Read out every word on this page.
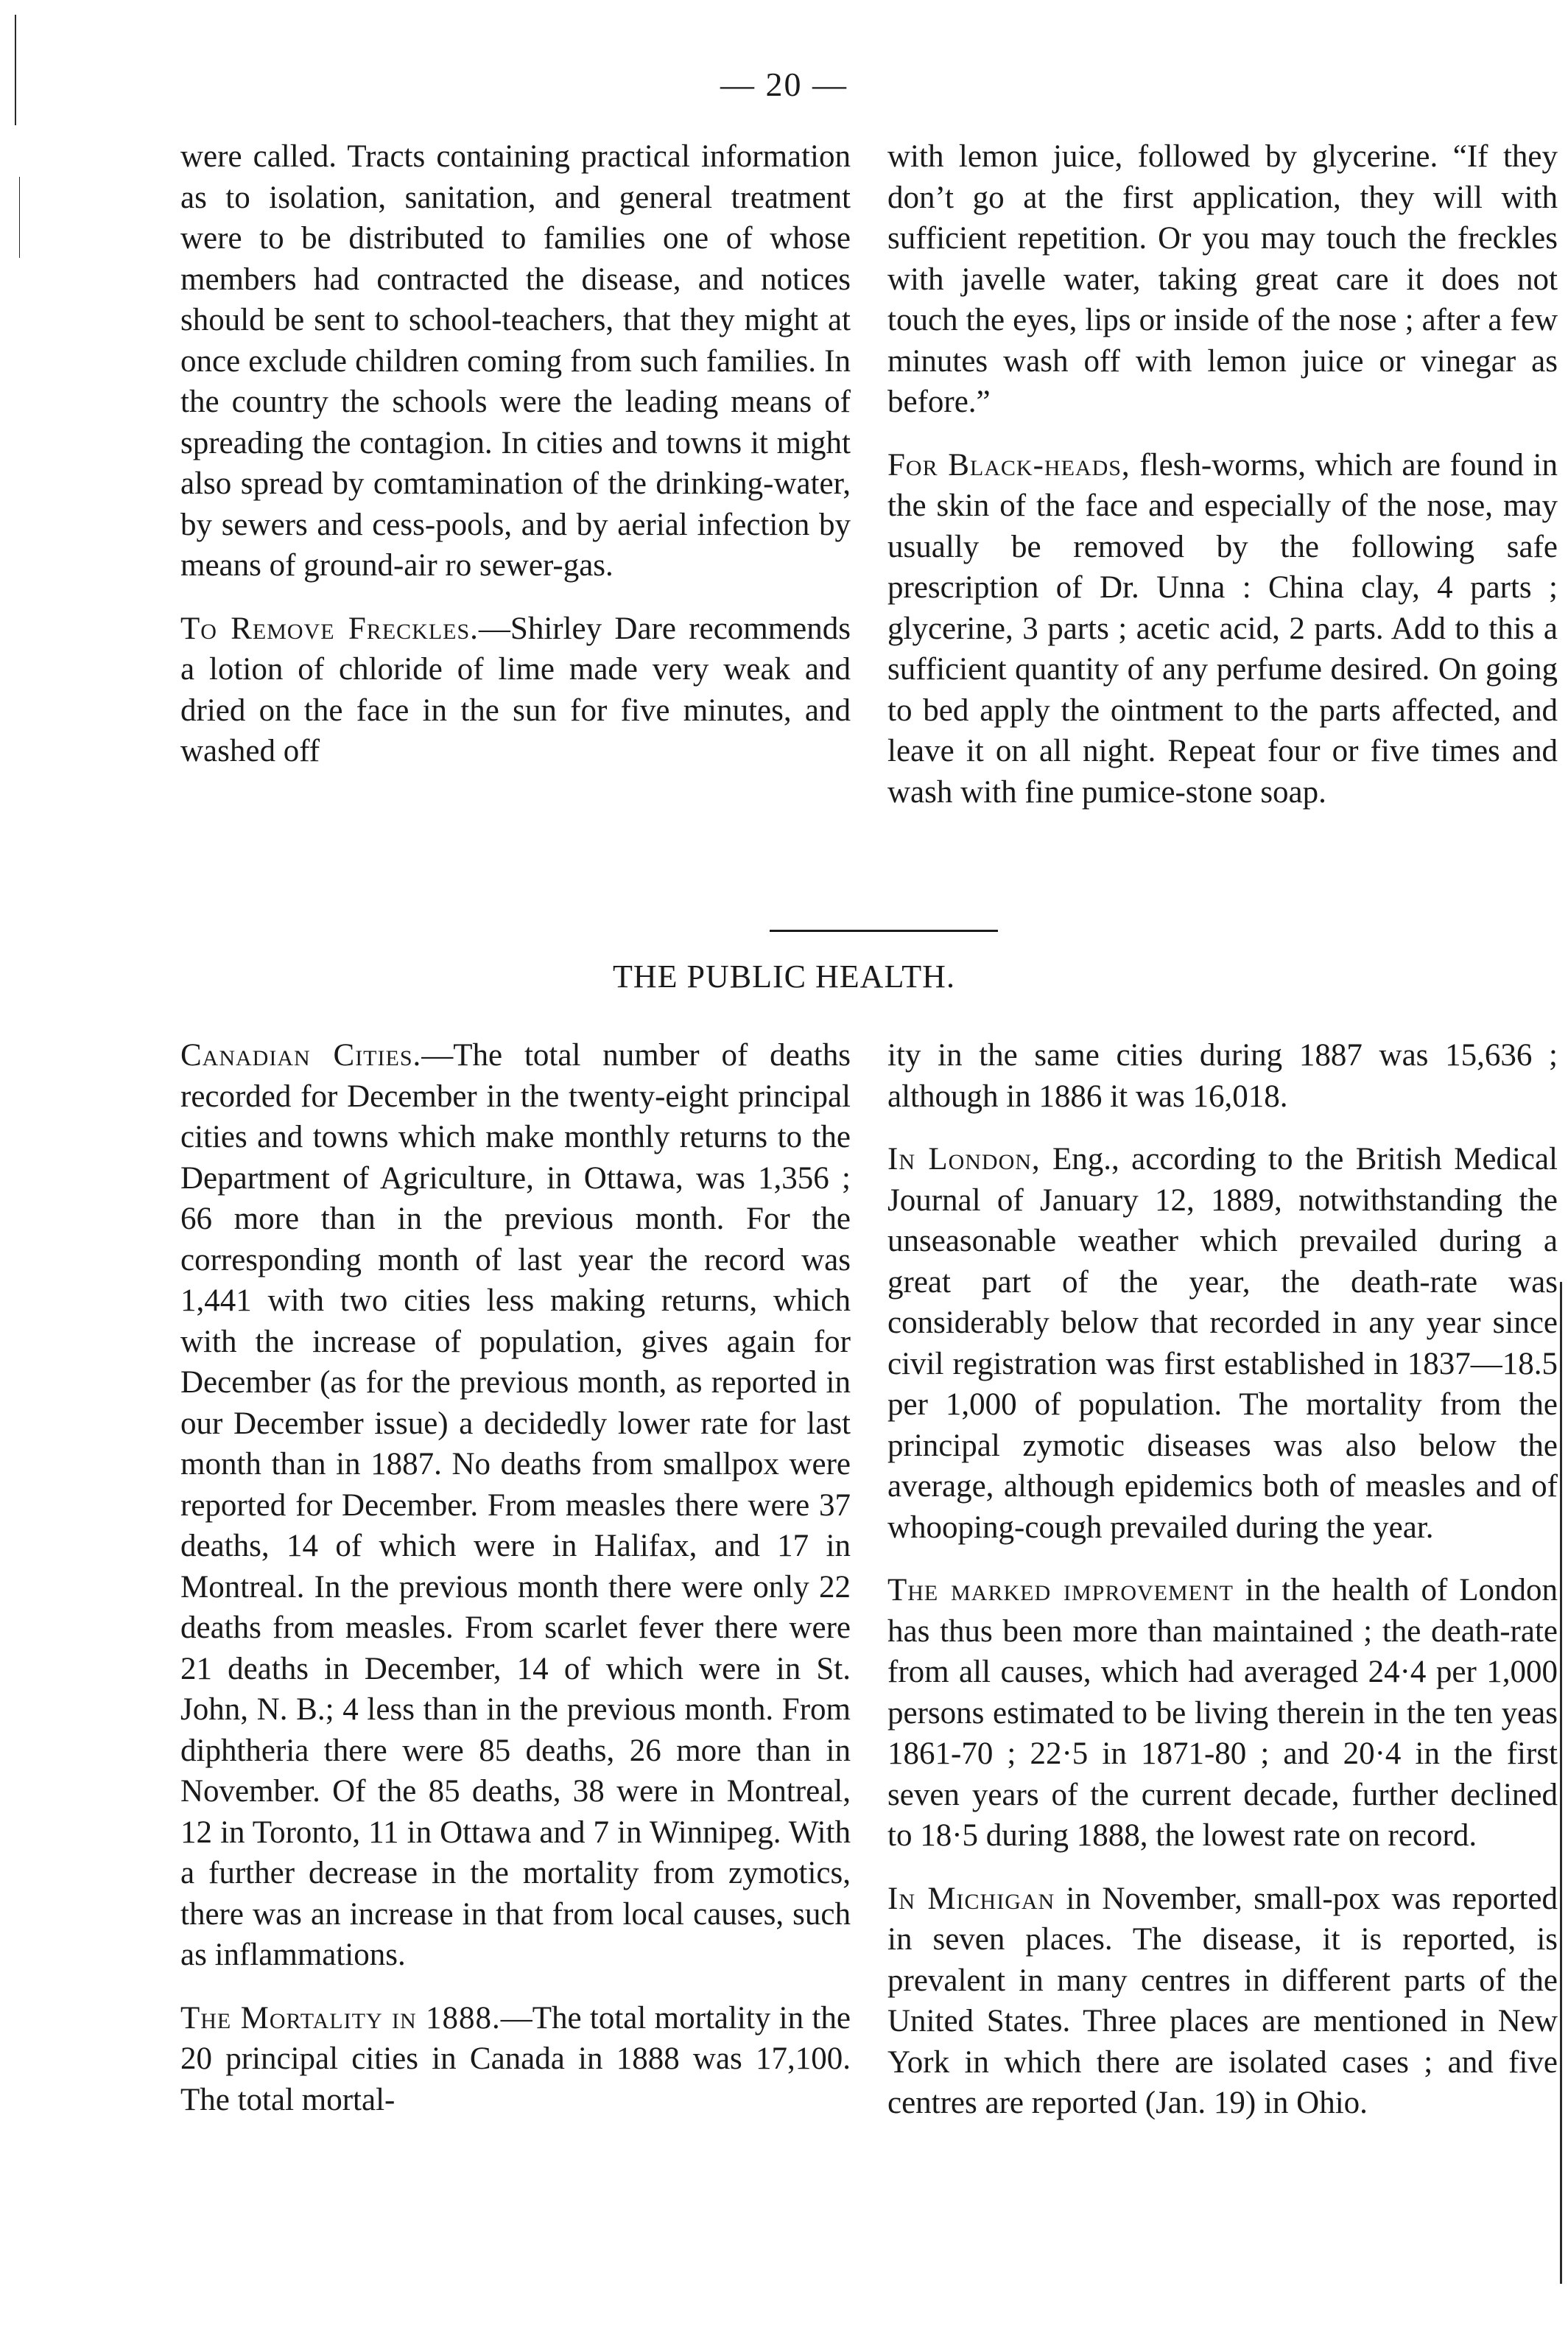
— 20 —

were called. Tracts containing practical information as to isolation, sanitation, and general treatment were to be distributed to families one of whose members had contracted the disease, and notices should be sent to school-teachers, that they might at once exclude children coming from such families. In the country the schools were the leading means of spreading the contagion. In cities and towns it might also spread by comtamination of the drinking-water, by sewers and cess-pools, and by aerial infection by means of ground-air ro sewer-gas.

To Remove Freckles.—Shirley Dare recommends a lotion of chloride of lime made very weak and dried on the face in the sun for five minutes, and washed off

with lemon juice, followed by glycerine. “If they don’t go at the first application, they will with sufficient repetition. Or you may touch the freckles with javelle water, taking great care it does not touch the eyes, lips or inside of the nose ; after a few minutes wash off with lemon juice or vinegar as before.”

For Black-heads, flesh-worms, which are found in the skin of the face and especially of the nose, may usually be removed by the following safe prescription of Dr. Unna : China clay, 4 parts ; glycerine, 3 parts ; acetic acid, 2 parts. Add to this a sufficient quantity of any perfume desired. On going to bed apply the ointment to the parts affected, and leave it on all night. Repeat four or five times and wash with fine pumice-stone soap.

THE PUBLIC HEALTH.

Canadian Cities.—The total number of deaths recorded for December in the twenty-eight principal cities and towns which make monthly returns to the Department of Agriculture, in Ottawa, was 1,356 ; 66 more than in the previous month. For the corresponding month of last year the record was 1,441 with two cities less making returns, which with the increase of population, gives again for December (as for the previous month, as reported in our December issue) a decidedly lower rate for last month than in 1887. No deaths from smallpox were reported for December. From measles there were 37 deaths, 14 of which were in Halifax, and 17 in Montreal. In the previous month there were only 22 deaths from measles. From scarlet fever there were 21 deaths in December, 14 of which were in St. John, N. B.; 4 less than in the previous month. From diphtheria there were 85 deaths, 26 more than in November. Of the 85 deaths, 38 were in Montreal, 12 in Toronto, 11 in Ottawa and 7 in Winnipeg. With a further decrease in the mortality from zymotics, there was an increase in that from local causes, such as inflammations.

The Mortality in 1888.—The total mortality in the 20 principal cities in Canada in 1888 was 17,100. The total mortal-

ity in the same cities during 1887 was 15,636 ; although in 1886 it was 16,018.

In London, Eng., according to the British Medical Journal of January 12, 1889, notwithstanding the unseasonable weather which prevailed during a great part of the year, the death-rate was considerably below that recorded in any year since civil registration was first established in 1837—18.5 per 1,000 of population. The mortality from the principal zymotic diseases was also below the average, although epidemics both of measles and of whooping-cough prevailed during the year.

The marked improvement in the health of London has thus been more than maintained ; the death-rate from all causes, which had averaged 24·4 per 1,000 persons estimated to be living therein in the ten yeas 1861-70 ; 22·5 in 1871-80 ; and 20·4 in the first seven years of the current decade, further declined to 18·5 during 1888, the lowest rate on record.

In Michigan in November, small-pox was reported in seven places. The disease, it is reported, is prevalent in many centres in different parts of the United States. Three places are mentioned in New York in which there are isolated cases ; and five centres are reported (Jan. 19) in Ohio.
